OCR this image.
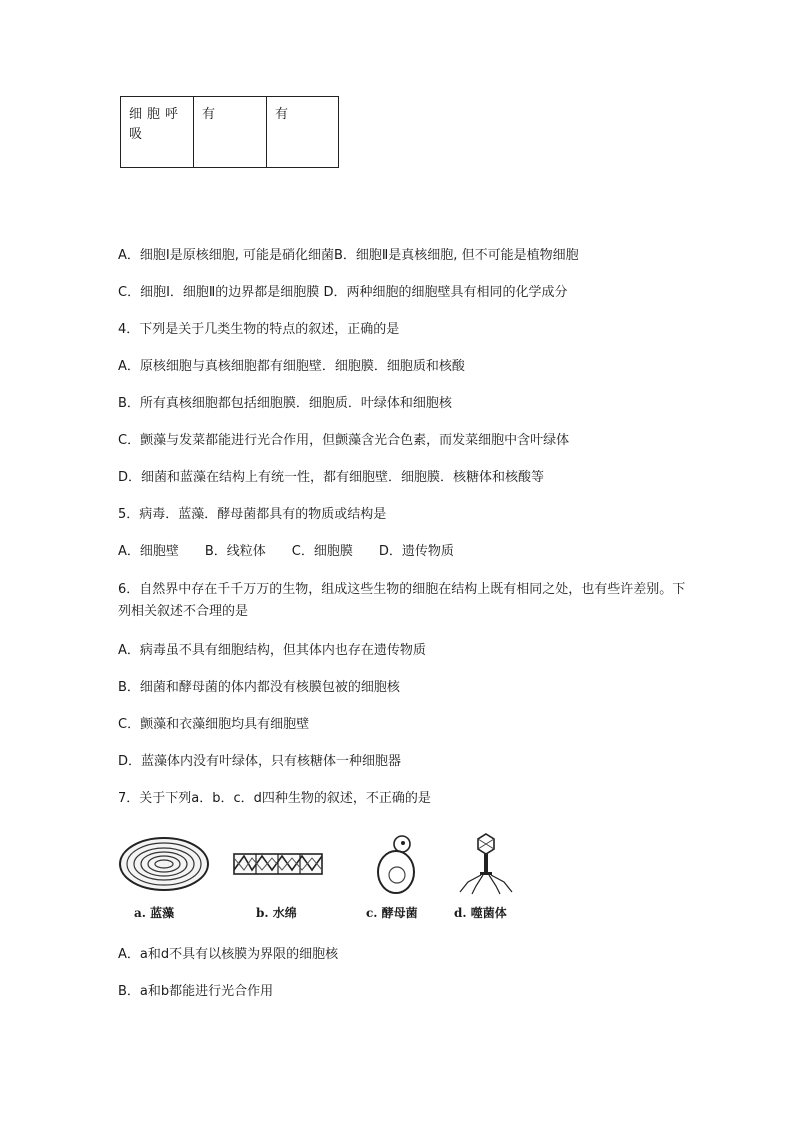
细胞呼吸	有	有
A．细胞Ⅰ是原核细胞, 可能是硝化细菌B．细胞Ⅱ是真核细胞, 但不可能是植物细胞
C．细胞Ⅰ．细胞Ⅱ的边界都是细胞膜 D．两种细胞的细胞壁具有相同的化学成分
4．下列是关于几类生物的特点的叙述，正确的是
A．原核细胞与真核细胞都有细胞壁．细胞膜．细胞质和核酸
B．所有真核细胞都包括细胞膜．细胞质．叶绿体和细胞核
C．颤藻与发菜都能进行光合作用，但颤藻含光合色素，而发菜细胞中含叶绿体
D．细菌和蓝藻在结构上有统一性，都有细胞壁．细胞膜．核糖体和核酸等
5．病毒．蓝藻．酵母菌都具有的物质或结构是
A．细胞壁　　B．线粒体　　C．细胞膜　　D．遗传物质
6．自然界中存在千千万万的生物，组成这些生物的细胞在结构上既有相同之处，也有些许差别。下列相关叙述不合理的是
A．病毒虽不具有细胞结构，但其体内也存在遗传物质
B．细菌和酵母菌的体内都没有核膜包被的细胞核
C．颤藻和衣藻细胞均具有细胞壁
D．蓝藻体内没有叶绿体，只有核糖体一种细胞器
7．关于下列a．b．c．d四种生物的叙述，不正确的是
a. 蓝藻	b. 水绵	c. 酵母菌	d. 噬菌体
A．a和d不具有以核膜为界限的细胞核
B．a和b都能进行光合作用
